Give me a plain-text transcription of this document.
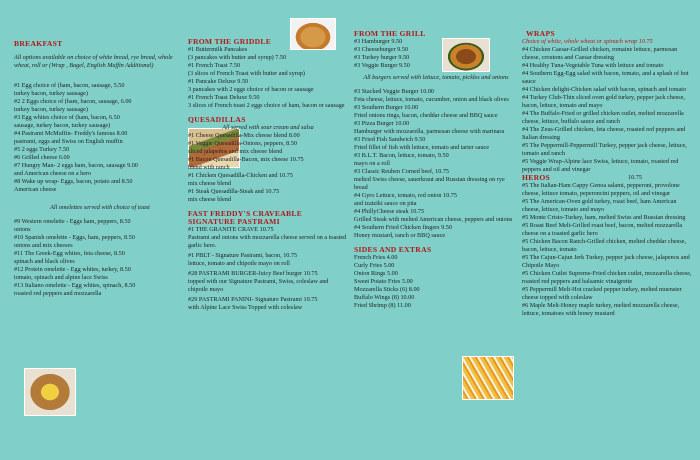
BREAKFAST
All options available on choice of white bread, rye bread, whole wheat, roll or (Wrap , Bagel, English Muffin Additional)
#1 Egg choice of (ham, bacon, sausage, 5.50
turkey bacon, turkey sausage)
#2 2 Eggs choice of (ham, bacon, sausage, 6.00
turkey bacon, turkey sausage)
#3 Egg whites choice of (ham, bacon, 6.50
sausage, turkey bacon, turkey sausage)
#4 Pastrami McMuffin- Freddy's famous 8.00
pastrami, eggs and Swiss on English muffin
#5 2 eggs Turkey 7.50
#6 Grilled cheese 6.00
#7 Hungry Man- 2 eggs ham, bacon, sausage 9.00
and American cheese on a hero
#8 Wake up wrap- Eggs, bacon, potato and 8.50
American cheese
All omelettes served with choice of toast
#9 Western omelette - Eggs ham, peppers, 8.50
onions
#10 Spanish omelette - Eggs, ham, peppers, 8.50
onions and mix cheeses
#11 The Greek-Egg whites, feta cheese, 8.50
spinach and black olives
#12 Protein omelette - Egg whites, turkey, 8.50
tomato, spinach and alpine lace Swiss
#13 Italiano omelette - Egg whites, spinach, 8.50
roasted red peppers and mozzarella
FROM THE GRIDDLE
#1 Buttermilk Pancakes
(3 pancakes with butter and syrup) 7.50
#1 French Toast 7.50
(3 slices of French Toast with butter and syrup)
#1 Pancake Deluxe 9.50
3 pancakes with 2 eggs choice of bacon or sausage
#1 French Toast Deluxe 9.50
3 slices of French toast 2 eggs choice of ham, bacon or sausage
QUESADILLAS
All served with sour cream and salsa
#1 Cheese Quesadilla-Mix cheese blend 8.00
#1 Veggie Quesadilla-Onions, peppers, 8.50
sliced jalapeños and mix cheese blend
#1 Bacon Quesadilla-Bacon, mix cheese 10.75
blend with ranch
#1 Chicken Quesadilla-Chicken and 10.75
mix cheese blend
#1 Steak Quesadilla-Steak and 10.75
mix cheese blend
FAST FREDDY'S CRAVEABLE SIGNATURE PASTRAMI
#1 THE GRANITE CRAVE 10.75
Pastrami and onions with mozzarella cheese served on a toasted garlic hero.
#1 PBLT - Signature Pastrami, bacon, 10.75
lettuce, tomato and chipotle mayo on roll
#28 PASTRAMI BURGER-Juicy Beef burger 10.75
topped with our Signature Pastrami, Swiss, coleslaw and chipotle mayo
#29 PASTRAMI PANINI- Signature Pastrami 10.75
with Alpine Lace Swiss Topped with coleslaw
FROM THE GRILL
#3 Hamburger 9.50
#3 Cheeseburger 9.50
#3 Turkey burger 9.50
#3 Veggie Burger 9.50
All burgers served with lettuce, tomato, pickles and onions
#3 Stacked Veggie Burger 10.00
Feta cheese, lettuce, tomato, cucumber, onion and black olives
#3 Southern Burger 10.00
Fried onions rings, bacon, cheddar cheese and BBQ sauce
#3 Pizza Burger 10.00
Hamburger with mozzarella, parmesan cheese with marinara
#3 Fried Fish Sandwich 9.50
Fried fillet of fish with lettuce, tomato and tarter sauce
#3 B.L.T. Bacon, lettuce, tomato, 9.50
mayo on a roll
#3 Classic Reuben Corned beef, 10.75
melted Swiss cheese, sauerkraut and Russian dressing on rye bread
#4 Gyro Lettuce, tomato, red onion 10.75
and tzatziki sauce on pita
#4 PhillyCheese steak 10.75
Grilled Steak with melted American cheese, peppers and onions
#4 Southern Fried Chicken fingers 9.50
Honey mustard, ranch or BBQ sauce
SIDES AND EXTRAS
French Fries 4.00
Curly Fries 5.00
Onion Rings 5.00
Sweet Potato Fries 5.00
Mozzarella Sticks (6) 8.00
Buffalo Wings (8) 10.00
Fried Shrimp (8) 11.00
WRAPS
Choice of white, whole wheat or spinach wrap 10.75
#4 Chicken Caesar-Grilled chicken, romaine lettuce, parmesan cheese, croutons and Caesar dressing
#4 Healthy Tuna-Vegetable Tuna with lettuce and tomato
#4 Southern Egg-Egg salad with bacon, tomato, and a splash of hot sauce
#4 Chicken delight-Chicken salad with bacon, spinach and tomato
#4 Turkey Club-Thin sliced oven gold turkey, pepper jack cheese, bacon, lettuce, tomato and mayo
#4 The Buffalo-Fried or grilled chicken cutlet, melted mozzarella cheese, lettuce, buffalo sauce and ranch
#4 The Zeus-Grilled chicken, feta cheese, roasted red peppers and Italian dressing
#5 The Peppermill-Peppermill Turkey, pepper jack cheese, lettuce, tomato and ranch
#5 Veggie Wrap-Alpine lace Swiss, lettuce, tomato, roasted red peppers and oil and vinegar
HEROS	10.75
#5 The Italian-Ham Cappy Genoa salami, pepperoni, provolone cheese, lettuce tomato, peperoncini peppers, oil and vinegar
#5 The American-Oven gold turkey, roast beef, ham American cheese, lettuce, tomato and mayo
#5 Monte Cristo-Turkey, ham, melted Swiss and Russian dressing
#5 Roast Beef Melt-Grilled roast beef, bacon, melted mozzarella cheese on a toasted garlic hero
#5 Chicken Bacon Ranch-Grilled chicken, melted cheddar cheese, bacon, lettuce, tomato
#5 The Cajun-Cajun Jerk Turkey, pepper jack cheese, jalapenos and Chipotle Mayo
#5 Chicken Cutlet Supreme-Fried chicken cutlet, mozzarella cheese, roasted red peppers and balsamic vinaigrette
#5 Peppermill Melt-Hot cracked pepper turkey, melted muenster cheese topped with coleslaw
#6 Maple Melt-Honey maple turkey, melted mozzarella cheese, lettuce, tomatoes with honey mustard
